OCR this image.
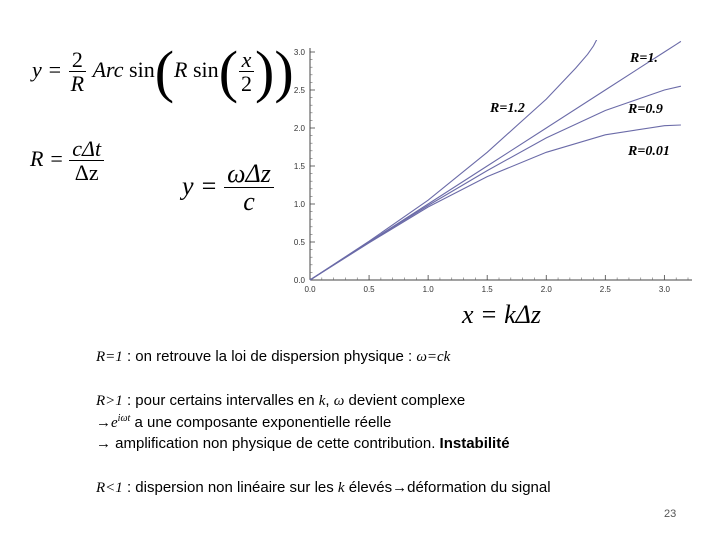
$y = \frac{2}{R}$ Arc sin(R $\sin( \frac{x}{2}$ ))
$R = \frac{\text{cΔt}}{\Delta z}$
$y = \frac{\text{ωΔz}}{c}$
0.0
0.5
1.0
1.5
2.0
2.5
3.0
0.0	0.5	1.0	1.5	2.0	2.5	3.0
R=1.
R=1.2	R=0.9
R=0.01
x = kΔz
R=1 : on retrouve la loi de dispersion physique : ω=ck
R>1 : pour certains intervalles en k, ω devient complexe
$\to e^{i\omega t}$ a une composante exponentielle réelle
→ amplification non physique de cette contribution. Instabilité
R<1 : dispersion non linéaire sur les k élevés→déformation du signal
23
